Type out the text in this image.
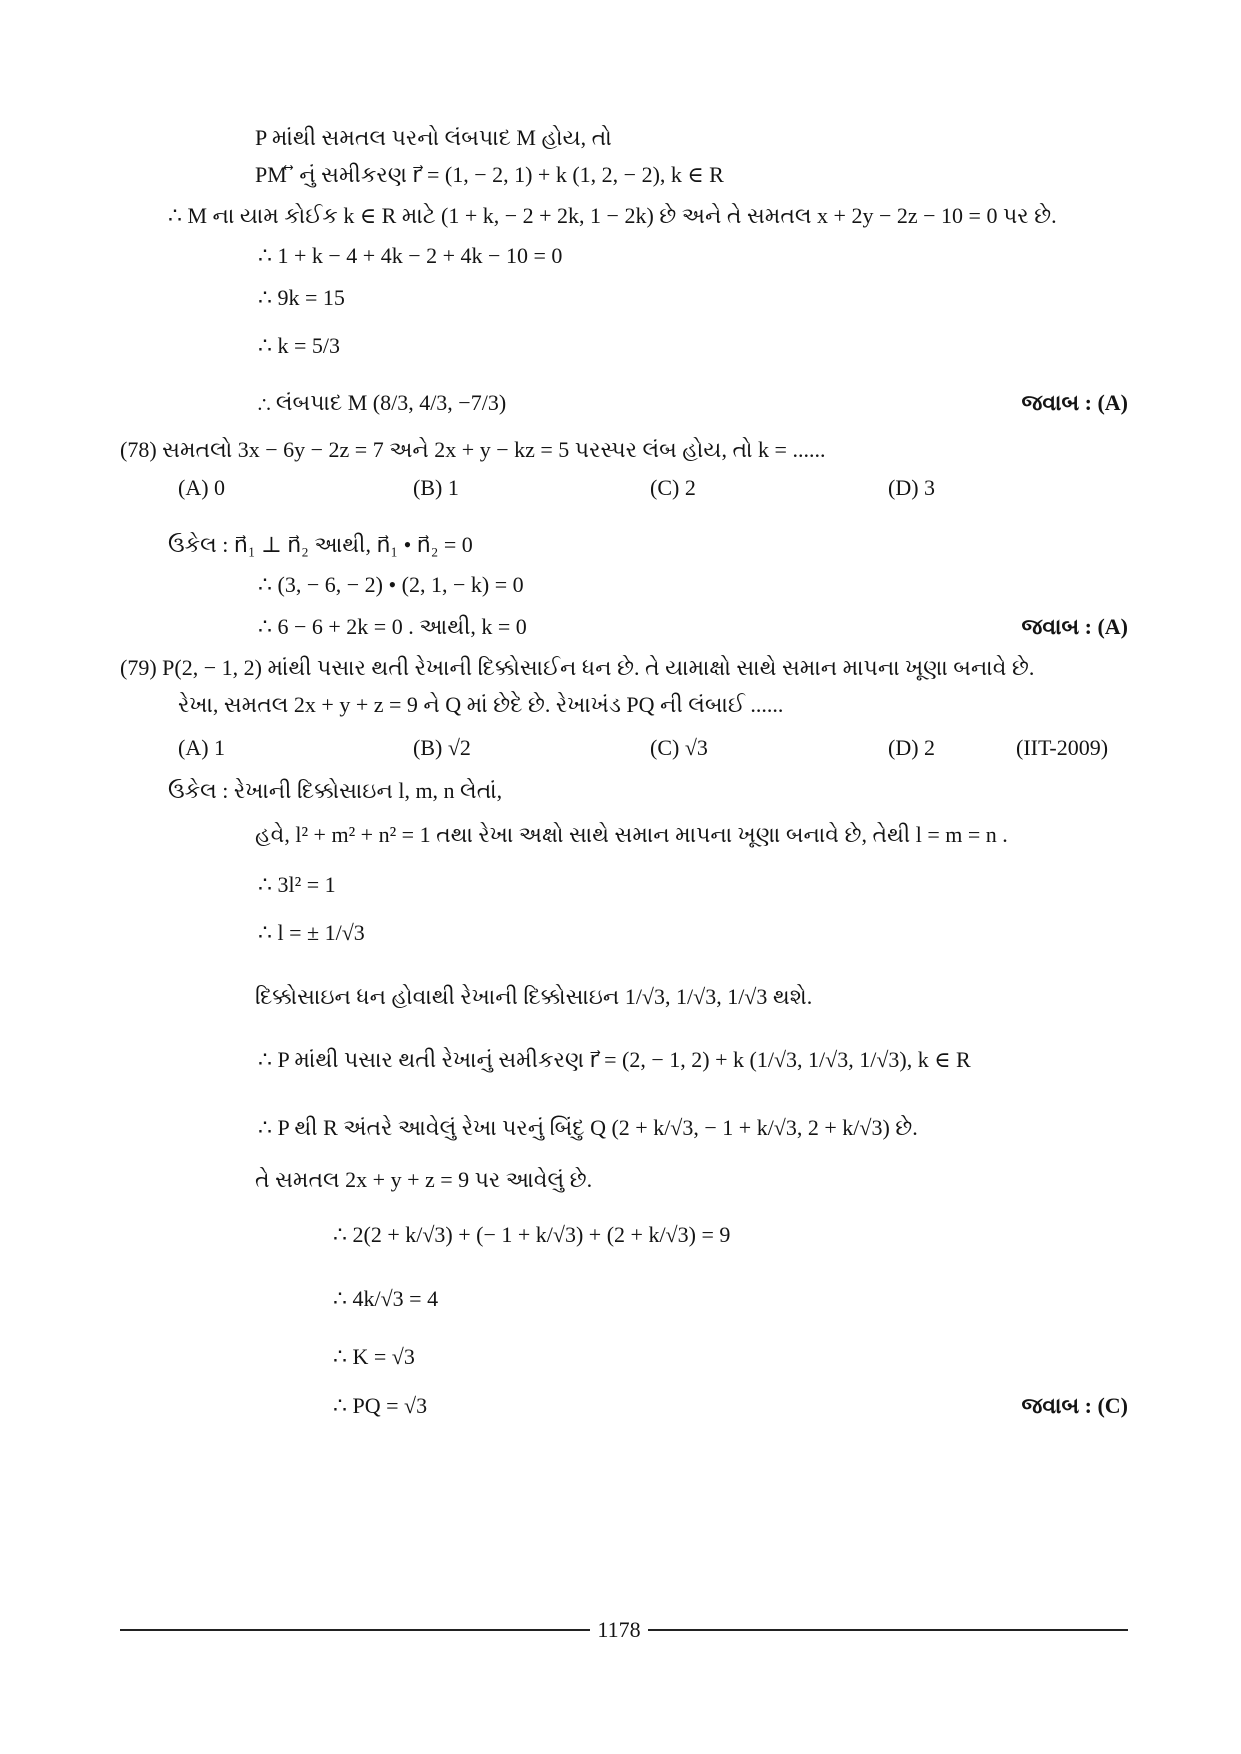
P માંથી સમતલ પરનો લંબપાદ M હોય, તો
PM ⃡ નું સમીકરણ r⃗ = (1, − 2, 1) + k (1, 2, − 2), k ∈ R
∴ M ના યામ કોઈક k ∈ R માટે (1 + k, − 2 + 2k, 1 − 2k) છે અને તે સમતલ x + 2y − 2z − 10 = 0 પર છે.
∴ 1 + k − 4 + 4k − 2 + 4k − 10 = 0
∴ 9k = 15
∴ k = 5/3
∴ લંબપાદ M (8/3, 4/3, −7/3)	જવાબ : (A)
(78) સમતલો 3x − 6y − 2z = 7 અને 2x + y − kz = 5 પરસ્પર લંબ હોય, તો k = ......
(A) 0	(B) 1	(C) 2	(D) 3
ઉકેલ : n⃗₁ ⊥ n⃗₂ આથી, n⃗₁ • n⃗₂ = 0
∴ (3, − 6, − 2) • (2, 1, − k) = 0
∴ 6 − 6 + 2k = 0 . આથી, k = 0	જવાબ : (A)
(79) P(2, − 1, 2) માંથી પસાર થતી રેખાની દિક્કોસાઈન ધન છે. તે યામાક્ષો સાથે સમાન માપના ખૂણા બનાવે છે.
રેખા, સમતલ 2x + y + z = 9 ને Q માં છેદે છે. રેખાખંડ PQ ની લંબાઈ ......
(A) 1	(B) √2	(C) √3	(D) 2	(IIT-2009)
ઉકેલ : રેખાની દિક્કોસાઇન l, m, n લેતાં,
હવે, l² + m² + n² = 1 તથા રેખા અક્ષો સાથે સમાન માપના ખૂણા બનાવે છે, તેથી l = m = n .
∴ 3l² = 1
∴ l = ± 1/√3
દિક્કોસાઇન ધન હોવાથી રેખાની દિક્કોસાઇન 1/√3, 1/√3, 1/√3 થશે.
∴ P માંથી પસાર થતી રેખાનું સમીકરણ r⃗ = (2, − 1, 2) + k (1/√3, 1/√3, 1/√3), k ∈ R
∴ P થી R અંતરે આવેલું રેખા પરનું બિંદુ Q (2 + k/√3, − 1 + k/√3, 2 + k/√3) છે.
તે સમતલ 2x + y + z = 9 પર આવેલું છે.
∴ 2(2 + k/√3) + (− 1 + k/√3) + (2 + k/√3) = 9
∴ 4k/√3 = 4
∴ K = √3
∴ PQ = √3	જવાબ : (C)
1178
